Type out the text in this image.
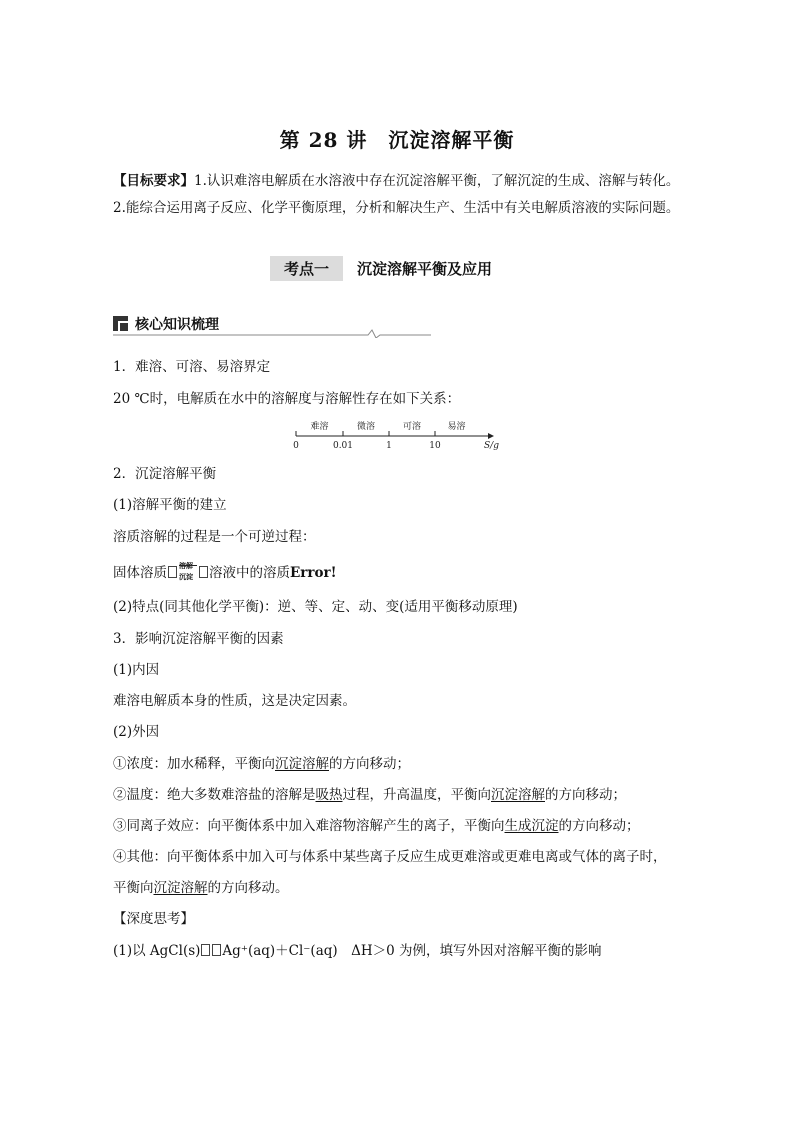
第 28 讲　沉淀溶解平衡
【目标要求】1.认识难溶电解质在水溶液中存在沉淀溶解平衡，了解沉淀的生成、溶解与转化。
2.能综合运用离子反应、化学平衡原理，分析和解决生产、生活中有关电解质溶液的实际问题。
考点一	沉淀溶解平衡及应用
核心知识梳理
1．难溶、可溶、易溶界定
20 ℃时，电解质在水中的溶解度与溶解性存在如下关系：
0	0.01	1	10
难溶	微溶	可溶	易溶
S/g
2．沉淀溶解平衡
(1)溶解平衡的建立
溶质溶解的过程是一个可逆过程：
固体溶质 溶解
沉淀 溶液中的溶质Error!
(2)特点(同其他化学平衡)：逆、等、定、动、变(适用平衡移动原理)
3．影响沉淀溶解平衡的因素
(1)内因
难溶电解质本身的性质，这是决定因素。
(2)外因
①浓度：加水稀释，平衡向沉淀溶解的方向移动；
②温度：绝大多数难溶盐的溶解是吸热过程，升高温度，平衡向沉淀溶解的方向移动；
③同离子效应：向平衡体系中加入难溶物溶解产生的离子，平衡向生成沉淀的方向移动；
④其他：向平衡体系中加入可与体系中某些离子反应生成更难溶或更难电离或气体的离子时，
平衡向沉淀溶解的方向移动。
【深度思考】
(1)以 AgCl(s) Ag⁺(aq)＋Cl⁻(aq)　ΔH＞0 为例，填写外因对溶解平衡的影响
